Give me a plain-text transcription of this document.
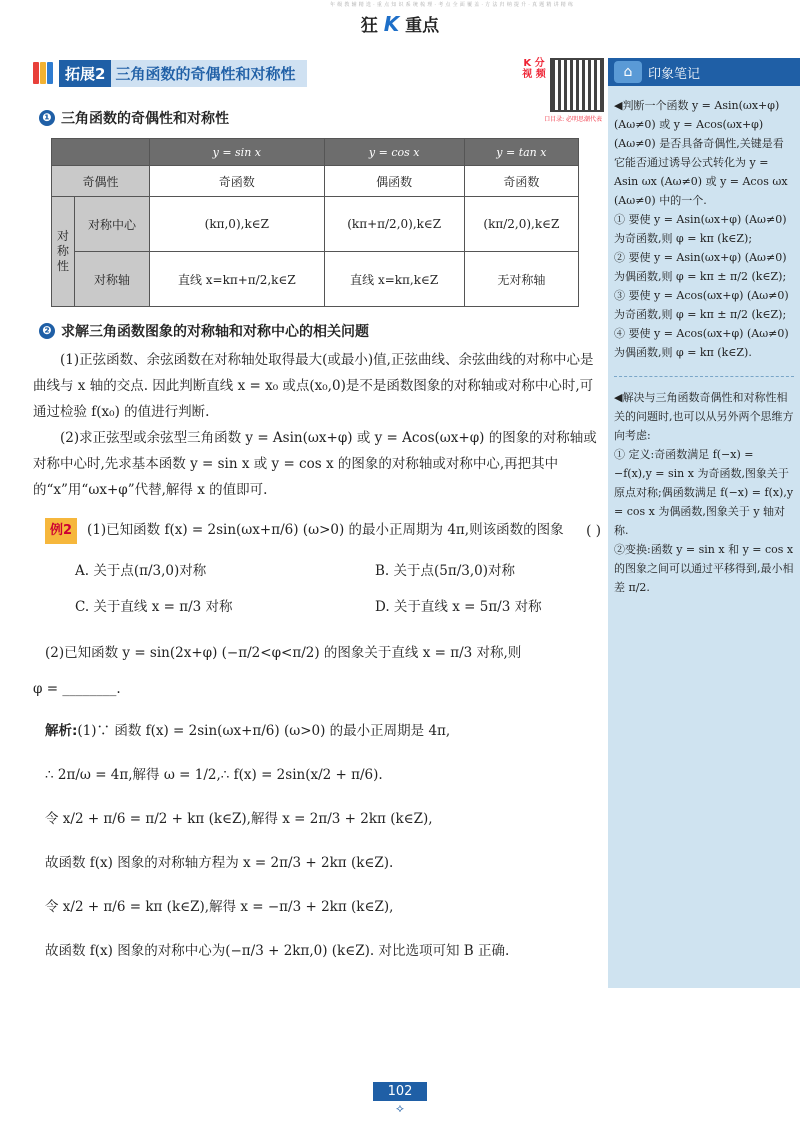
年 级 教 辅 精 选 · 重 点 知 识 系 统 梳 理 · 考 点 全 面 覆 盖 · 方 法 归 纳 提 升 · 真 题 精 讲 精 练
狂 K 重点
K 分 视 频
口目录: 必明思潮代表
拓展2 三角函数的奇偶性和对称性
❶ 三角函数的奇偶性和对称性
		y = sin x	y = cos x	y = tan x
奇偶性		奇函数	偶函数	奇函数
对称性	对称中心	(kπ,0),k∈Z	(kπ+π/2,0),k∈Z	(kπ/2,0),k∈Z
	对称轴	直线 x=kπ+π/2,k∈Z	直线 x=kπ,k∈Z	无对称轴
❷ 求解三角函数图象的对称轴和对称中心的相关问题

(1)正弦函数、余弦函数在对称轴处取得最大(或最小)值,正弦曲线、余弦曲线的对称中心是曲线与 x 轴的交点. 因此判断直线 x = x₀ 或点(x₀,0)是不是函数图象的对称轴或对称中心时,可通过检验 f(x₀) 的值进行判断.

(2)求正弦型或余弦型三角函数 y = Asin(ωx+φ) 或 y = Acos(ωx+φ) 的图象的对称轴或对称中心时,先求基本函数 y = sin x 或 y = cos x 的图象的对称轴或对称中心,再把其中的“x”用“ωx+φ”代替,解得 x 的值即可.

例2 (1)已知函数 f(x) = 2sin(ωx+π/6) (ω>0) 的最小正周期为 4π,则该函数的图象	( )
A. 关于点(π/3,0)对称	B. 关于点(5π/3,0)对称
C. 关于直线 x = π/3 对称	D. 关于直线 x = 5π/3 对称
(2)已知函数 y = sin(2x+φ) (−π/2<φ<π/2) 的图象关于直线 x = π/3 对称,则
φ = ________.
解析:(1)∵ 函数 f(x) = 2sin(ωx+π/6) (ω>0) 的最小正周期是 4π,
∴ 2π/ω = 4π,解得 ω = 1/2,∴ f(x) = 2sin(x/2 + π/6).
令 x/2 + π/6 = π/2 + kπ (k∈Z),解得 x = 2π/3 + 2kπ (k∈Z),
故函数 f(x) 图象的对称轴方程为 x = 2π/3 + 2kπ (k∈Z).
令 x/2 + π/6 = kπ (k∈Z),解得 x = −π/3 + 2kπ (k∈Z),
故函数 f(x) 图象的对称中心为(−π/3 + 2kπ,0) (k∈Z). 对比选项可知 B 正确.
⌂	印象笔记
◀判断一个函数 y = Asin(ωx+φ) (Aω≠0) 或 y = Acos(ωx+φ) (Aω≠0) 是否具备奇偶性,关键是看它能否通过诱导公式转化为 y = Asin ωx (Aω≠0) 或 y = Acos ωx (Aω≠0) 中的一个.
① 要使 y = Asin(ωx+φ) (Aω≠0) 为奇函数,则 φ = kπ (k∈Z);
② 要使 y = Asin(ωx+φ) (Aω≠0) 为偶函数,则 φ = kπ ± π/2 (k∈Z);
③ 要使 y = Acos(ωx+φ) (Aω≠0) 为奇函数,则 φ = kπ ± π/2 (k∈Z);
④ 要使 y = Acos(ωx+φ) (Aω≠0) 为偶函数,则 φ = kπ (k∈Z).
◀解决与三角函数奇偶性和对称性相关的问题时,也可以从另外两个思维方向考虑:
① 定义:奇函数满足 f(−x) = −f(x),y = sin x 为奇函数,图象关于原点对称;偶函数满足 f(−x) = f(x),y = cos x 为偶函数,图象关于 y 轴对称.
②变换:函数 y = sin x 和 y = cos x 的图象之间可以通过平移得到,最小相差 π/2.
102
⟡
